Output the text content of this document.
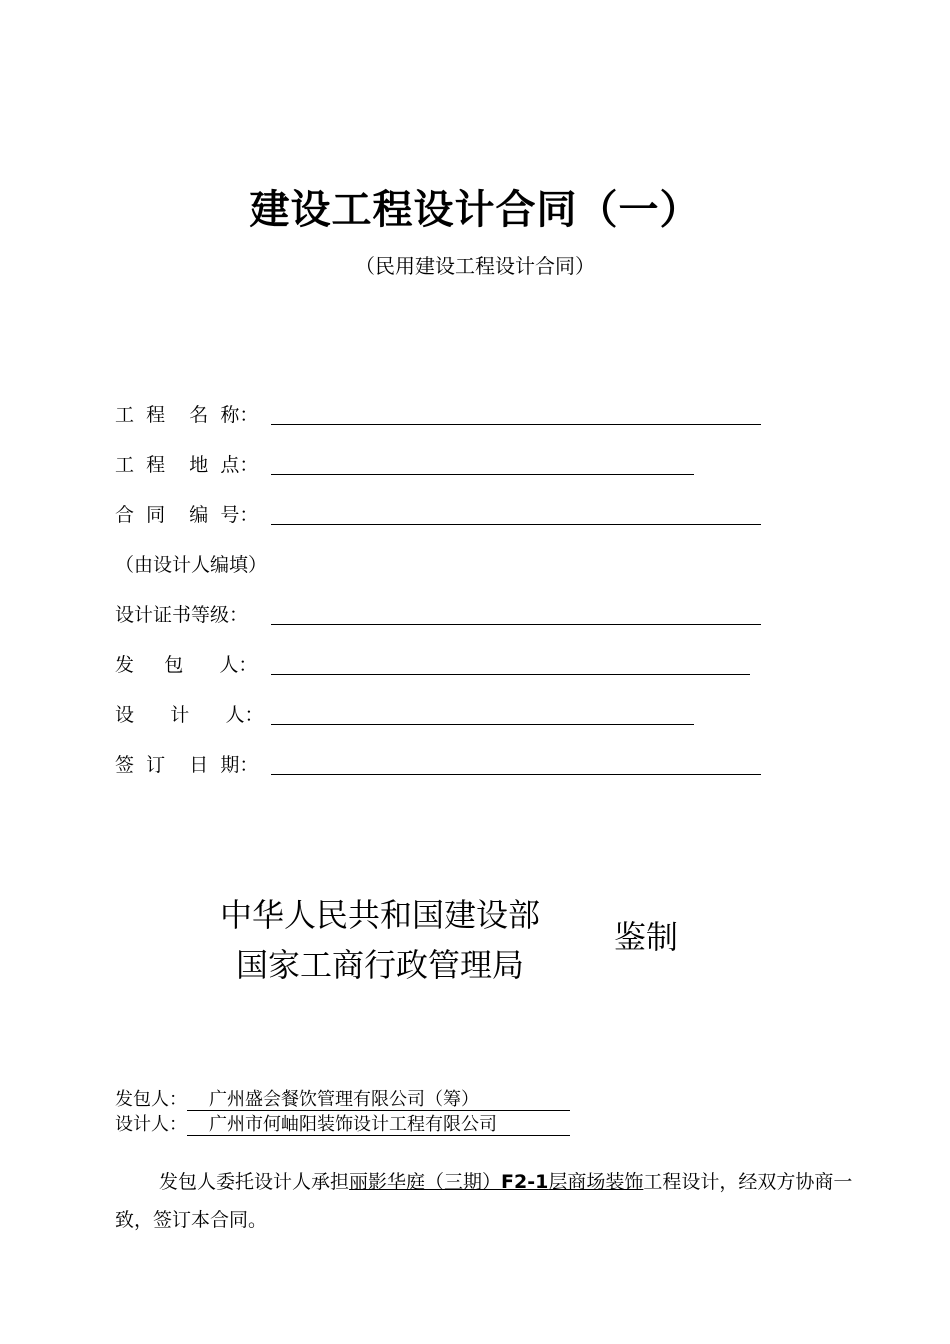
建设工程设计合同（一）
（民用建设工程设计合同）
工  程    名  称：
工  程    地  点：
合  同    编  号：
（由设计人编填）
设计证书等级：
发     包      人：
设      计      人：
签  订    日  期：
中华人民共和国建设部
国家工商行政管理局
鉴制
发包人： 广州盛会餐饮管理有限公司（筹）
设计人： 广州市何岫阳装饰设计工程有限公司
发包人委托设计人承担丽影华庭（三期）F2-1层商场装饰工程设计，经双方协商一致，签订本合同。
